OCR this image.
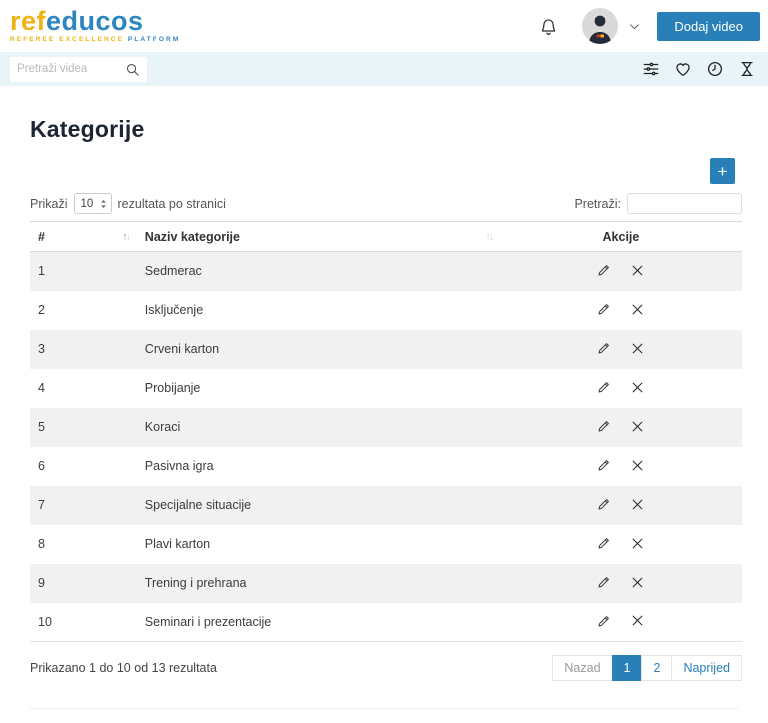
refeducos
REFEREE EXCELLENCE PLATFORM
Dodaj video
Pretraži videa
Kategorije
+
Prikaži 10 rezultata po stranici	Pretraži:
# ↑↓	Naziv kategorije ↑↓	Akcije
1	Sedmerac	

2	Isključenje	

3	Crveni karton	

4	Probijanje	

5	Koraci	

6	Pasivna igra	

7	Specijalne situacije	

8	Plavi karton	

9	Trening i prehrana	

10	Seminari i prezentacije	
Prikazano 1 do 10 od 13 rezultata	Nazad	1	2	Naprijed
